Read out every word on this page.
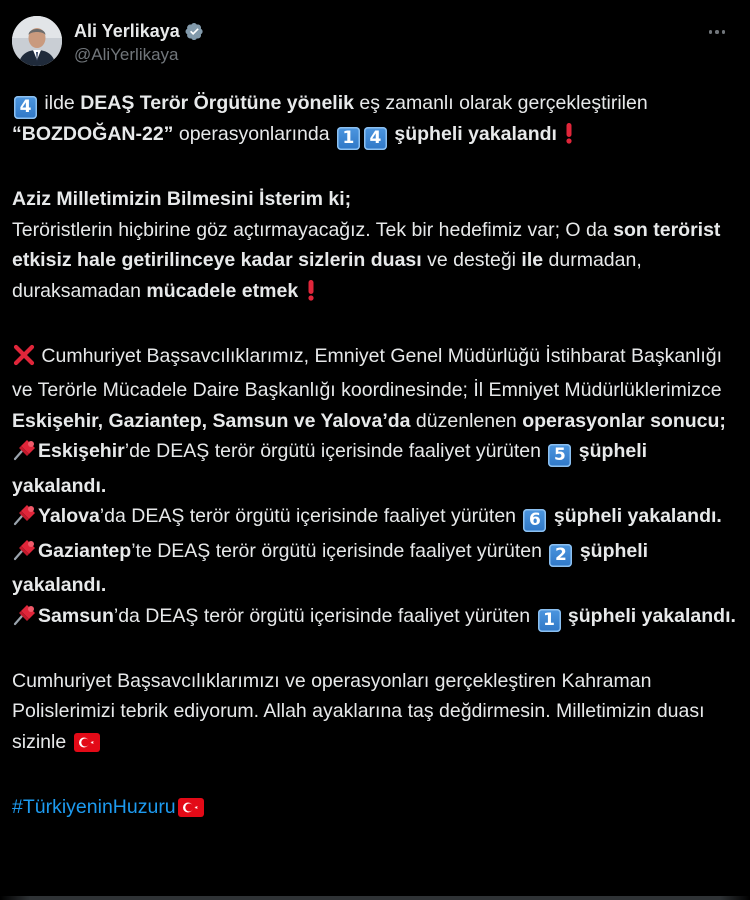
Ali Yerlikaya
@AliYerlikaya

4 ilde DEAŞ Terör Örgütüne yönelik eş zamanlı olarak gerçekleştirilen “BOZDOĞAN-22” operasyonlarında 1 4 şüpheli yakalandı

Aziz Milletimizin Bilmesini İsterim ki;
Teröristlerin hiçbirine göz açtırmayacağız. Tek bir hedefimiz var; O da son terörist etkisiz hale getirilinceye kadar sizlerin duası ve desteği ile durmadan, duraksamadan mücadele etmek

Cumhuriyet Başsavcılıklarımız, Emniyet Genel Müdürlüğü İstihbarat Başkanlığı ve Terörle Mücadele Daire Başkanlığı koordinesinde; İl Emniyet Müdürlüklerimizce Eskişehir, Gaziantep, Samsun ve Yalova’da düzenlenen operasyonlar sonucu;

Eskişehir’de DEAŞ terör örgütü içerisinde faaliyet yürüten 5 şüpheli yakalandı.

Yalova’da DEAŞ terör örgütü içerisinde faaliyet yürüten 6 şüpheli yakalandı.

Gaziantep’te DEAŞ terör örgütü içerisinde faaliyet yürüten 2 şüpheli yakalandı.

Samsun’da DEAŞ terör örgütü içerisinde faaliyet yürüten 1 şüpheli yakalandı.

Cumhuriyet Başsavcılıklarımızı ve operasyonları gerçekleştiren Kahraman Polislerimizi tebrik ediyorum. Allah ayaklarına taş değdirmesin. Milletimizin duası sizinle

#TürkiyeninHuzuru
